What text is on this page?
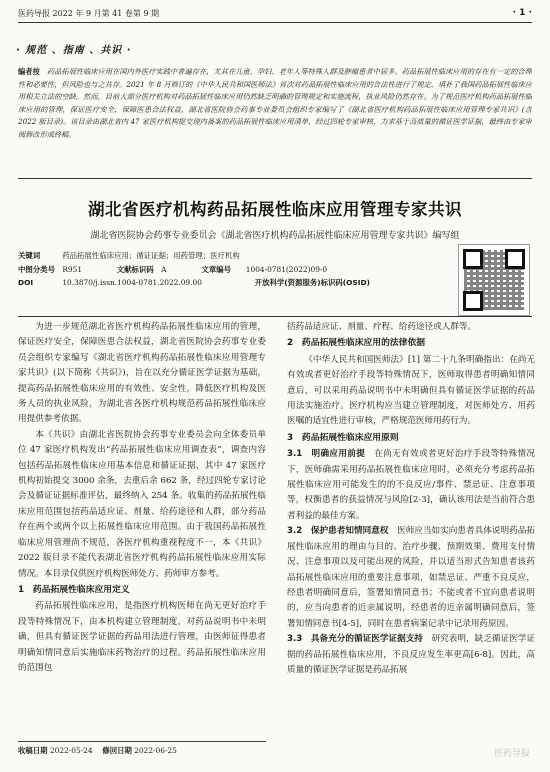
医药导报 2022 年 9 月第 41 卷第 9 期	· 1 ·
· 规范 、指南 、共识 ·
编者按　 药品拓展性临床应用在国内外医疗实践中普遍存在，尤其在儿童、孕妇、老年人等特殊人群及肿瘤患者中居多。药品拓展性临床应用的存在有一定的合理性和必要性，但风险也与之共存。2021 年 8 月修订的《中华人民共和国医师法》首次对药品拓展性临床应用的合法性进行了规定，填补了我国药品拓展性临床应用相关立法的空缺。然而，目前大部分医疗机构对药品拓展性临床应用仍然缺乏明确的管理规定和实施流程，执业风险仍然存在。为了规范医疗机构药品拓展性临床应用的管理，保证医疗安全，保障医患合法权益，湖北省医院协会药事专业委员会组织专家编写了《湖北省医疗机构药品拓展性临床应用管理专家共识》(含 2022 版目录)。该目录由湖北省内 47 家医疗机构提交现内备案的药品拓展性临床应用清单，经过四轮专家审核，力求基于高质量的循证医学证据，最终由专家审阅修改形成终稿。
湖北省医疗机构药品拓展性临床应用管理专家共识
湖北省医院协会药事专业委员会《湖北省医疗机构药品拓展性临床应用管理专家共识》编写组
关键词	药品拓展性临床应用；循证证据；用药管理；医疗机构
中图分类号 R951	文献标识码 A	文章编号 1004-0781(2022)09-0
DOI	10.3870/j.issn.1004-0781.2022.09.00	开放科学(资源服务)标识码(OSID)

为进一步规范湖北省医疗机构药品拓展性临床应用的管理，保证医疗安全，保障医患合法权益，湖北省医院协会药事专业委员会组织专家编写《湖北省医疗机构药品拓展性临床应用管理专家共识》(以下简称《共识》)，旨在以充分循证医学证据为基础，提高药品拓展性临床应用的有效性、安全性，降低医疗机构及医务人员的执业风险，为湖北省各医疗机构规范药品拓展性临床应用提供参考依据。

本《共识》由湖北省医院协会药事专业委员会向全体委员单位 47 家医疗机构发出“药品拓展性临床应用调查表”，调查内容包括药品拓展性临床应用基本信息和循证证据，其中 47 家医疗机构初始提交 3000 余条，去重后余 662 条，经过四轮专家讨论会及循证证据标准评估，最终纳入 254 条。收集的药品拓展性临床应用范围包括药品适应证、剂量、给药途径和人群，部分药品存在两个或两个以上拓展性临床应用范围。由于我国药品拓展性临床应用管理尚不规范，各医疗机构重视程度不一，本《共识》2022 版目录不能代表湖北省医疗机构药品拓展性临床应用实际情况。本目录仅供医疗机构医师处方、药师审方参考。

1　药品拓展性临床应用定义

药品拓展性临床应用，是指医疗机构医师在尚无更好治疗手段等特殊情况下，由本机构建立管理制度，对药品说明书中未明确，但具有循证医学证据的药品用法进行管理，由医师征得患者明确知情同意后实施临床药物治疗的过程。药品拓展性临床应用的范围包

括药品适应证、剂量、疗程、给药途径或人群等。

2　药品拓展性临床应用的法律依据

《中华人民共和国医师法》[1] 第二十九条明确指出：在尚无有效或者更好治疗手段等特殊情况下，医师取得患者明确知情同意后，可以采用药品说明书中未明确但具有循证医学证据的药品用法实施治疗。医疗机构应当建立管理制度，对医师处方、用药医嘱的适宜性进行审核，严格规范医师用药行为。

3　药品拓展性临床应用原则

3.1　明确应用前提　 在尚无有效或者更好治疗手段等特殊情况下，医师确需采用药品拓展性临床应用时，必须充分考虑药品拓展性临床应用可能发生的的不良反应/事件、禁忌证、注意事项等，权衡患者的获益情况与风险[2-3]，确认该用法是当前符合患者利益的最佳方案。

3.2　保护患者知情同意权　 医师应当如实向患者具体说明药品拓展性临床应用的理由与目的、治疗步骤、预期效果、费用支付情况、注意事项以及可能出现的风险，并以适当形式告知患者该药品拓展性临床应用的重要注意事项，如禁忌证、严重不良反应，经患者明确同意后，签署知情同意书；不能或者不宜向患者说明的，应当向患者的近亲属说明，经患者的近亲属明确同意后，签署知情同意书[4-5]，同时在患者病案记录中记录用药原因。

3.3　具备充分的循证医学证据支持　 研究表明，缺乏循证医学证据的药品拓展性临床应用，不良反应发生率更高[6-8]。因此，高质量的循证医学证据是药品拓展

收稿日期 2022-05-24 　 修回日期 2022-06-25	医药导报
